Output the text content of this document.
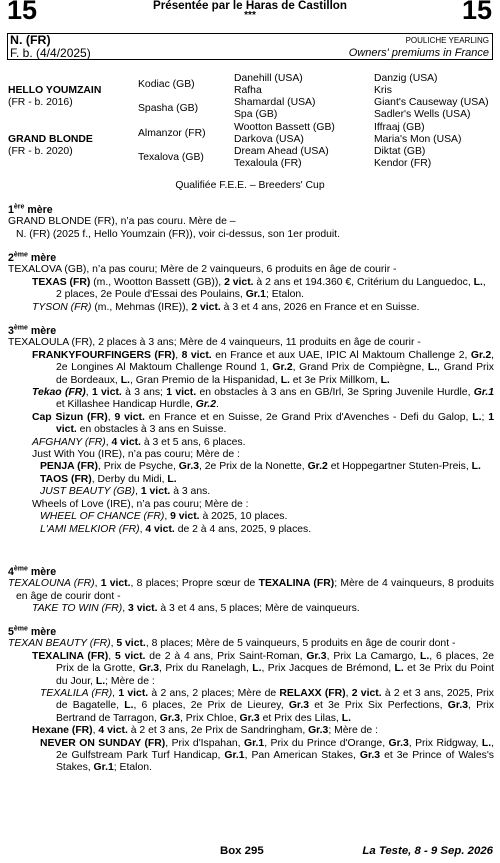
15	15
Présentée par le Haras de Castillon
***
N. (FR)
F. b. (4/4/2025)
POULICHE YEARLING
Owners' premiums in France
HELLO YOUMZAIN
(FR - b. 2016)
GRAND BLONDE
(FR - b. 2020)
Kodiac (GB)
Spasha (GB)
Almanzor (FR)
Texalova (GB)
Danehill (USA)
Rafha
Shamardal (USA)
Spa (GB)
Wootton Bassett (GB)
Darkova (USA)
Dream Ahead (USA)
Texaloula (FR)
Danzig (USA)
Kris
Giant's Causeway (USA)
Sadler's Wells (USA)
Iffraaj (GB)
Maria's Mon (USA)
Diktat (GB)
Kendor (FR)
Qualifiée F.E.E. – Breeders' Cup

1ère mère

GRAND BLONDE (FR), n’a pas couru. Mère de –

N. (FR) (2025 f., Hello Youmzain (FR)), voir ci-dessus, son 1er produit.

2ème mère

TEXALOVA (GB), n’a pas couru; Mère de 2 vainqueurs, 6 produits en âge de courir -

TEXAS (FR) (m., Wootton Bassett (GB)), 2 vict. à 2 ans et 194.360 €, Critérium du Languedoc, L., 2 places, 2e Poule d'Essai des Poulains, Gr.1; Etalon.

TYSON (FR) (m., Mehmas (IRE)), 2 vict. à 3 et 4 ans, 2026 en France et en Suisse.

3ème mère

TEXALOULA (FR), 2 places à 3 ans; Mère de 4 vainqueurs, 11 produits en âge de courir -

FRANKYFOURFINGERS (FR), 8 vict. en France et aux UAE, IPIC Al Maktoum Challenge 2, Gr.2, 2e Longines Al Maktoum Challenge Round 1, Gr.2, Grand Prix de Compiègne, L., Grand Prix de Bordeaux, L., Gran Premio de la Hispanidad, L. et 3e Prix Millkom, L.

Tekao (FR), 1 vict. à 3 ans; 1 vict. en obstacles à 3 ans en GB/Irl, 3e Spring Juvenile Hurdle, Gr.1 et Killashee Handicap Hurdle, Gr.2.

Cap Sizun (FR), 9 vict. en France et en Suisse, 2e Grand Prix d'Avenches - Defi du Galop, L.; 1 vict. en obstacles à 3 ans en Suisse.

AFGHANY (FR), 4 vict. à 3 et 5 ans, 6 places.

Just With You (IRE), n’a pas couru; Mère de :

PENJA (FR), Prix de Psyche, Gr.3, 2e Prix de la Nonette, Gr.2 et Hoppegartner Stuten-Preis, L.

TAOS (FR), Derby du Midi, L.

JUST BEAUTY (GB), 1 vict. à 3 ans.

Wheels of Love (IRE), n’a pas couru; Mère de :

WHEEL OF CHANCE (FR), 9 vict. à 2025, 10 places.

L'AMI MELKIOR (FR), 4 vict. de 2 à 4 ans, 2025, 9 places.

4ème mère

TEXALOUNA (FR), 1 vict., 8 places; Propre sœur de TEXALINA (FR); Mère de 4 vainqueurs, 8 produits en âge de courir dont -

TAKE TO WIN (FR), 3 vict. à 3 et 4 ans, 5 places; Mère de vainqueurs.

5ème mère

TEXAN BEAUTY (FR), 5 vict., 8 places; Mère de 5 vainqueurs, 5 produits en âge de courir dont -

TEXALINA (FR), 5 vict. de 2 à 4 ans, Prix Saint-Roman, Gr.3, Prix La Camargo, L., 6 places, 2e Prix de la Grotte, Gr.3, Prix du Ranelagh, L., Prix Jacques de Brémond, L. et 3e Prix du Point du Jour, L.; Mère de :

TEXALILA (FR), 1 vict. à 2 ans, 2 places; Mère de RELAXX (FR), 2 vict. à 2 et 3 ans, 2025, Prix de Bagatelle, L., 6 places, 2e Prix de Lieurey, Gr.3 et 3e Prix Six Perfections, Gr.3, Prix Bertrand de Tarragon, Gr.3, Prix Chloe, Gr.3 et Prix des Lilas, L.

Hexane (FR), 4 vict. à 2 et 3 ans, 2e Prix de Sandringham, Gr.3; Mère de :

NEVER ON SUNDAY (FR), Prix d'Ispahan, Gr.1, Prix du Prince d'Orange, Gr.3, Prix Ridgway, L., 2e Gulfstream Park Turf Handicap, Gr.1, Pan American Stakes, Gr.3 et 3e Prince of Wales's Stakes, Gr.1; Etalon.

Box 295	La Teste, 8 - 9 Sep. 2026
